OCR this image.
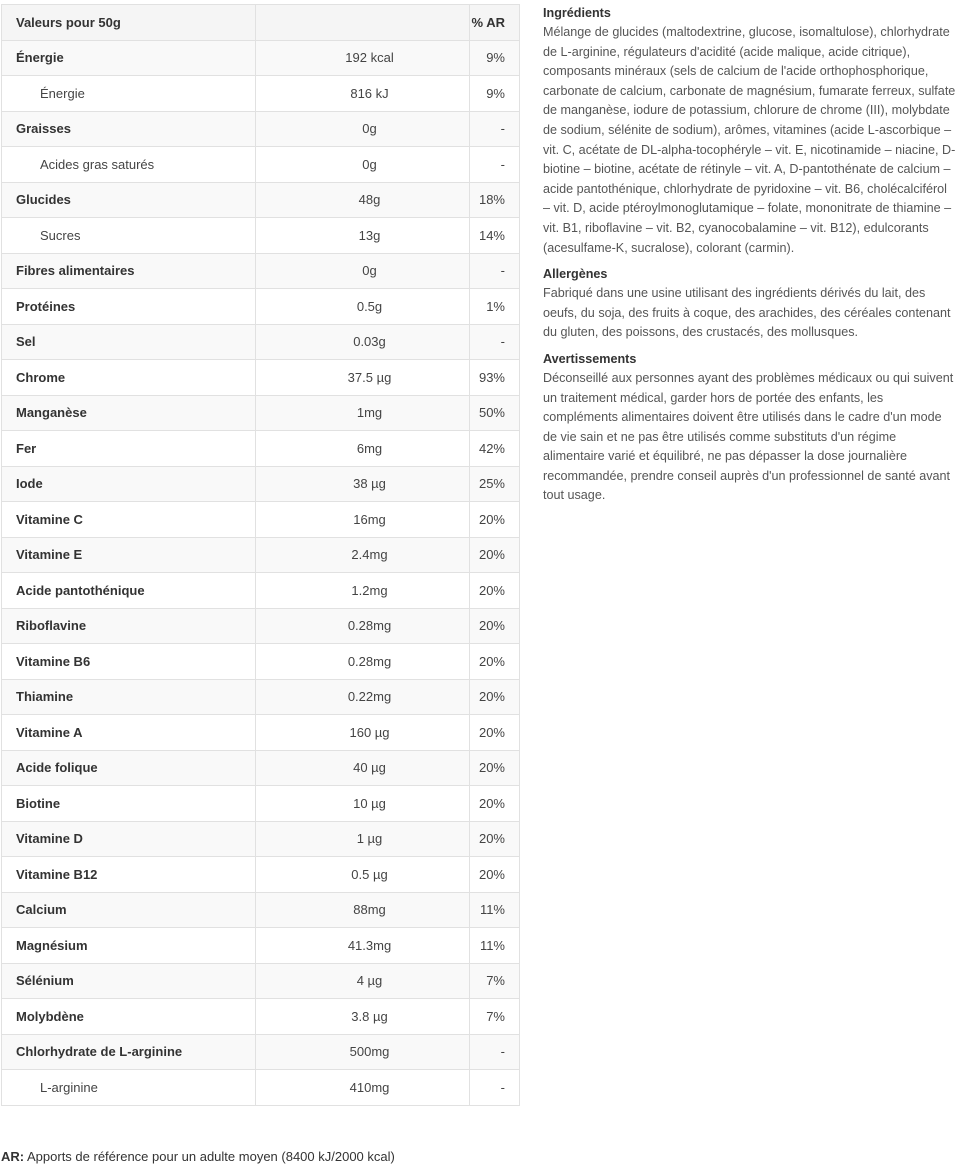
Valeurs pour 50g		% AR
Énergie	192 kcal	9%
Énergie	816 kJ	9%
Graisses	0g	-
Acides gras saturés	0g	-
Glucides	48g	18%
Sucres	13g	14%
Fibres alimentaires	0g	-
Protéines	0.5g	1%
Sel	0.03g	-
Chrome	37.5 µg	93%
Manganèse	1mg	50%
Fer	6mg	42%
Iode	38 µg	25%
Vitamine C	16mg	20%
Vitamine E	2.4mg	20%
Acide pantothénique	1.2mg	20%
Riboflavine	0.28mg	20%
Vitamine B6	0.28mg	20%
Thiamine	0.22mg	20%
Vitamine A	160 µg	20%
Acide folique	40 µg	20%
Biotine	10 µg	20%
Vitamine D	1 µg	20%
Vitamine B12	0.5 µg	20%
Calcium	88mg	11%
Magnésium	41.3mg	11%
Sélénium	4 µg	7%
Molybdène	3.8 µg	7%
Chlorhydrate de L-arginine	500mg	-
L-arginine	410mg	-
AR: Apports de référence pour un adulte moyen (8400 kJ/2000 kcal)
Ingrédients
Mélange de glucides (maltodextrine, glucose, isomaltulose), chlorhydrate de L-arginine, régulateurs d'acidité (acide malique, acide citrique), composants minéraux (sels de calcium de l'acide orthophosphorique, carbonate de calcium, carbonate de magnésium, fumarate ferreux, sulfate de manganèse, iodure de potassium, chlorure de chrome (III), molybdate de sodium, sélénite de sodium), arômes, vitamines (acide L-ascorbique – vit. C, acétate de DL-alpha-tocophéryle – vit. E, nicotinamide – niacine, D-biotine – biotine, acétate de rétinyle – vit. A, D-pantothénate de calcium – acide pantothénique, chlorhydrate de pyridoxine – vit. B6, cholécalciférol – vit. D, acide ptéroylmonoglutamique – folate, mononitrate de thiamine – vit. B1, riboflavine – vit. B2, cyanocobalamine – vit. B12), edulcorants (acesulfame-K, sucralose), colorant (carmin).
Allergènes
Fabriqué dans une usine utilisant des ingrédients dérivés du lait, des oeufs, du soja, des fruits à coque, des arachides, des céréales contenant du gluten, des poissons, des crustacés, des mollusques.
Avertissements
Déconseillé aux personnes ayant des problèmes médicaux ou qui suivent un traitement médical, garder hors de portée des enfants, les compléments alimentaires doivent être utilisés dans le cadre d'un mode de vie sain et ne pas être utilisés comme substituts d'un régime alimentaire varié et équilibré, ne pas dépasser la dose journalière recommandée, prendre conseil auprès d'un professionnel de santé avant tout usage.
